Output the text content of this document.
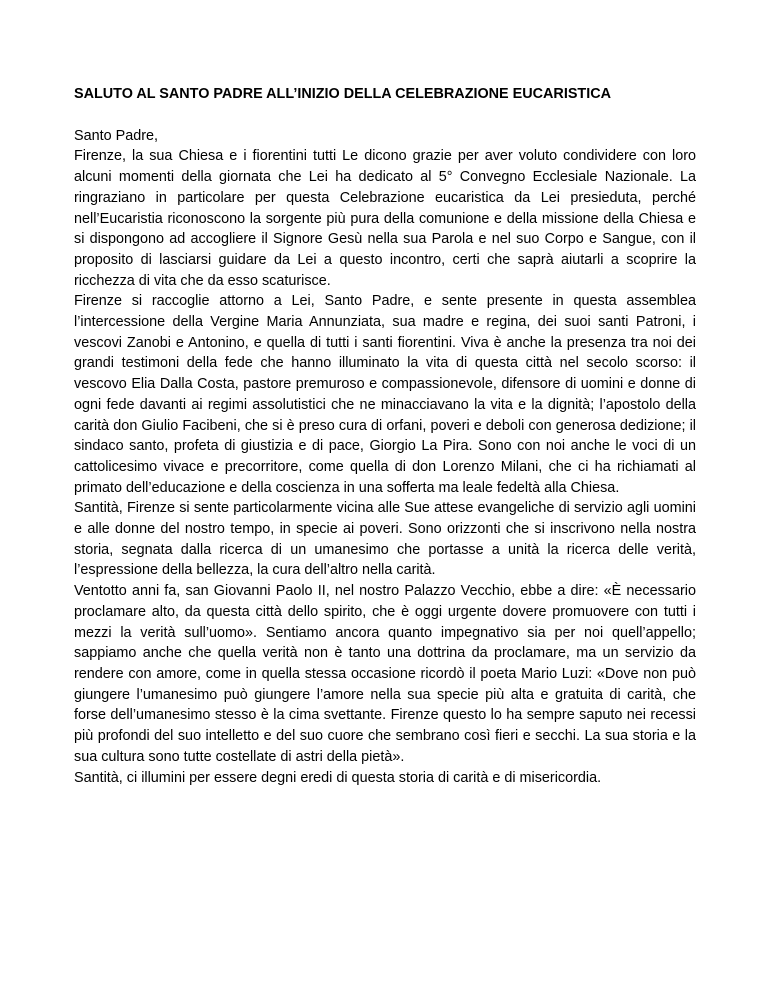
SALUTO AL SANTO PADRE ALL’INIZIO DELLA CELEBRAZIONE EUCARISTICA

Santo Padre,

Firenze, la sua Chiesa e i fiorentini tutti Le dicono grazie per aver voluto condividere con loro alcuni momenti della giornata che Lei ha dedicato al 5° Convegno Ecclesiale Nazionale. La ringraziano in particolare per questa Celebrazione eucaristica da Lei presieduta, perché nell’Eucaristia riconoscono la sorgente più pura della comunione e della missione della Chiesa e si dispongono ad accogliere il Signore Gesù nella sua Parola e nel suo Corpo e Sangue, con il proposito di lasciarsi guidare da Lei a questo incontro, certi che saprà aiutarli a scoprire la ricchezza di vita che da esso scaturisce.

Firenze si raccoglie attorno a Lei, Santo Padre, e sente presente in questa assemblea l’intercessione della Vergine Maria Annunziata, sua madre e regina, dei suoi santi Patroni, i vescovi Zanobi e Antonino, e quella di tutti i santi fiorentini. Viva è anche la presenza tra noi dei grandi testimoni della fede che hanno illuminato la vita di questa città nel secolo scorso: il vescovo Elia Dalla Costa, pastore premuroso e compassionevole, difensore di uomini e donne di ogni fede davanti ai regimi assolutistici che ne minacciavano la vita e la dignità; l’apostolo della carità don Giulio Facibeni, che si è preso cura di orfani, poveri e deboli con generosa dedizione; il sindaco santo, profeta di giustizia e di pace, Giorgio La Pira. Sono con noi anche le voci di un cattolicesimo vivace e precorritore, come quella di don Lorenzo Milani, che ci ha richiamati al primato dell’educazione e della coscienza in una sofferta ma leale fedeltà alla Chiesa.

Santità, Firenze si sente particolarmente vicina alle Sue attese evangeliche di servizio agli uomini e alle donne del nostro tempo, in specie ai poveri. Sono orizzonti che si inscrivono nella nostra storia, segnata dalla ricerca di un umanesimo che portasse a unità la ricerca delle verità, l’espressione della bellezza, la cura dell’altro nella carità.

Ventotto anni fa, san Giovanni Paolo II, nel nostro Palazzo Vecchio, ebbe a dire: «È necessario proclamare alto, da questa città dello spirito, che è oggi urgente dovere promuovere con tutti i mezzi la verità sull’uomo». Sentiamo ancora quanto impegnativo sia per noi quell’appello; sappiamo anche che quella verità non è tanto una dottrina da proclamare, ma un servizio da rendere con amore, come in quella stessa occasione ricordò il poeta Mario Luzi: «Dove non può giungere l’umanesimo può giungere l’amore nella sua specie più alta e gratuita di carità, che forse dell’umanesimo stesso è la cima svettante. Firenze questo lo ha sempre saputo nei recessi più profondi del suo intelletto e del suo cuore che sembrano così fieri e secchi. La sua storia e la sua cultura sono tutte costellate di astri della pietà».

Santità, ci illumini per essere degni eredi di questa storia di carità e di misericordia.
